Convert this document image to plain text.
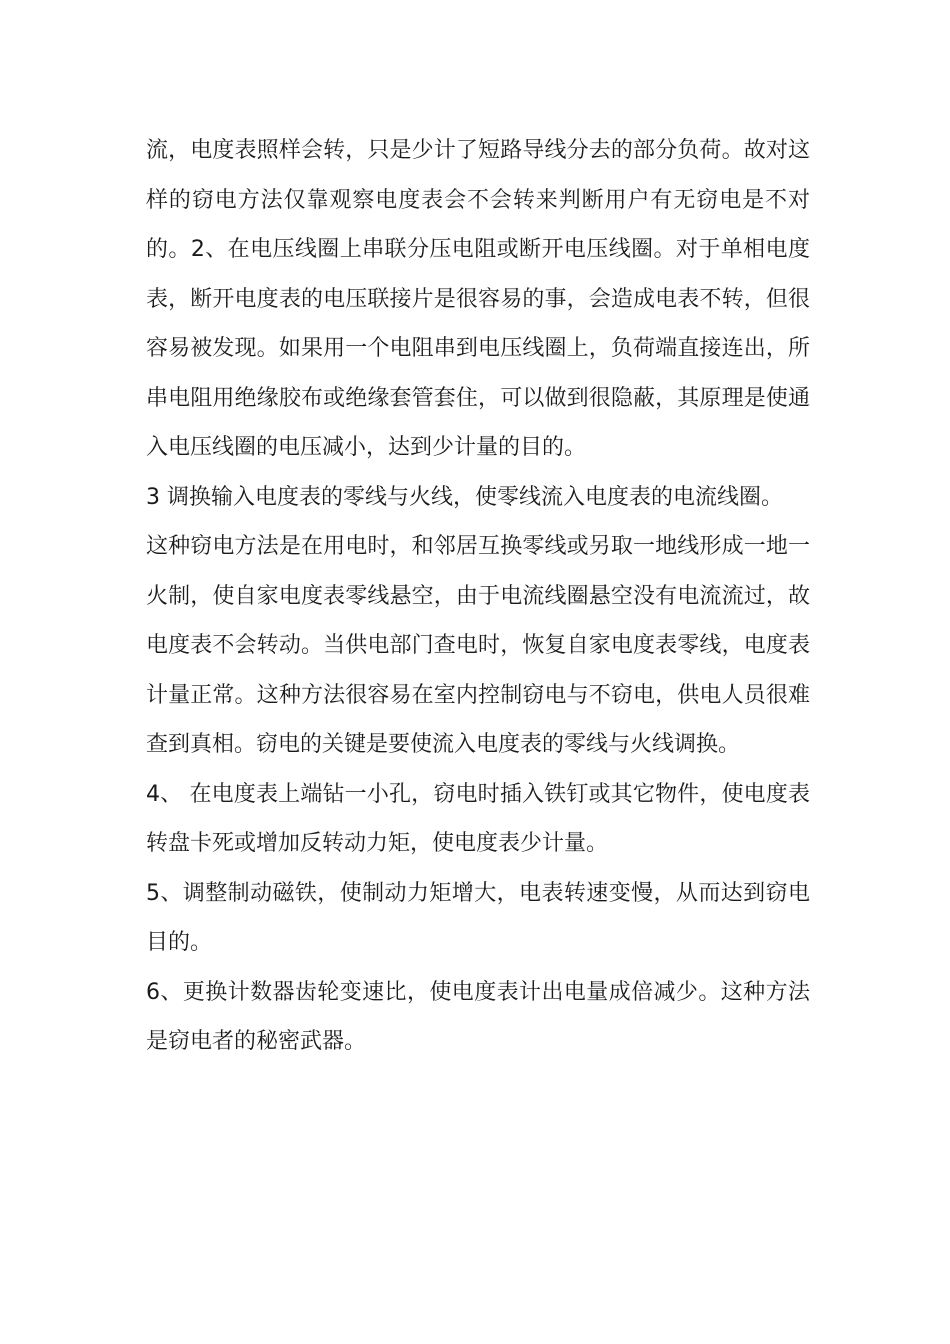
流，电度表照样会转，只是少计了短路导线分去的部分负荷。故对这样的窃电方法仅靠观察电度表会不会转来判断用户有无窃电是不对的。2、在电压线圈上串联分压电阻或断开电压线圈。对于单相电度表，断开电度表的电压联接片是很容易的事，会造成电表不转，但很容易被发现。如果用一个电阻串到电压线圈上，负荷端直接连出，所串电阻用绝缘胶布或绝缘套管套住，可以做到很隐蔽，其原理是使通入电压线圈的电压减小，达到少计量的目的。

3 调换输入电度表的零线与火线，使零线流入电度表的电流线圈。

这种窃电方法是在用电时，和邻居互换零线或另取一地线形成一地一火制，使自家电度表零线悬空，由于电流线圈悬空没有电流流过，故电度表不会转动。当供电部门查电时，恢复自家电度表零线，电度表计量正常。这种方法很容易在室内控制窃电与不窃电，供电人员很难查到真相。窃电的关键是要使流入电度表的零线与火线调换。

4、 在电度表上端钻一小孔，窃电时插入铁钉或其它物件，使电度表转盘卡死或增加反转动力矩，使电度表少计量。

5、调整制动磁铁，使制动力矩增大，电表转速变慢，从而达到窃电目的。

6、更换计数器齿轮变速比，使电度表计出电量成倍减少。这种方法是窃电者的秘密武器。
